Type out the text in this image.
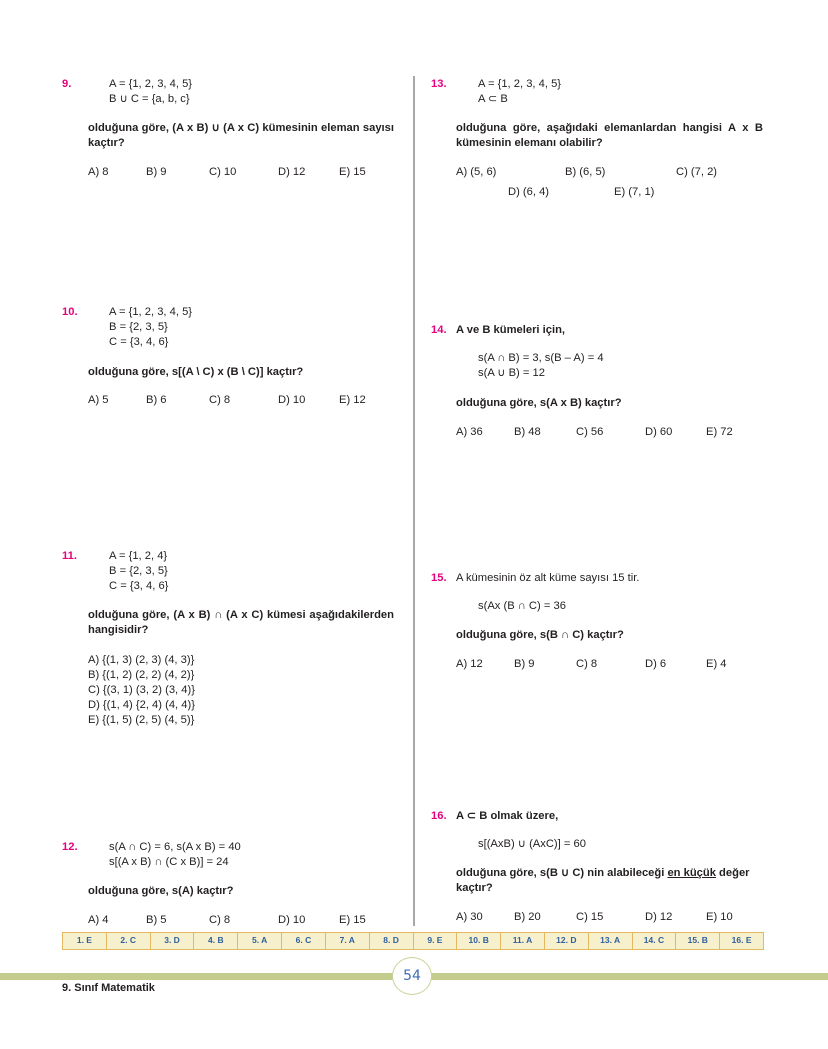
9.	A = {1, 2, 3, 4, 5}
B ∪ C = {a, b, c}
olduğuna göre, (A x B) ∪ (A x C) kümesinin eleman sayısı kaçtır?
A) 8	B) 9	C) 10	D) 12	E) 15
10.	A = {1, 2, 3, 4, 5}
B = {2, 3, 5}
C = {3, 4, 6}
olduğuna göre, s[(A \ C) x (B \ C)] kaçtır?
A) 5	B) 6	C) 8	D) 10	E) 12
11.	A = {1, 2, 4}
B = {2, 3, 5}
C = {3, 4, 6}
olduğuna göre, (A x B) ∩ (A x C) kümesi aşağıdakilerden hangisidir?
A) {(1, 3) (2, 3) (4, 3)}
B) {(1, 2) (2, 2) (4, 2)}
C) {(3, 1) (3, 2) (3, 4)}
D) {(1, 4) {2, 4) (4, 4)}
E) {(1, 5) (2, 5) (4, 5)}
12.	s(A ∩ C) = 6, s(A x B) = 40
s[(A x B) ∩ (C x B)] = 24
olduğuna göre, s(A) kaçtır?
A) 4	B) 5	C) 8	D) 10	E) 15
13.	A = {1, 2, 3, 4, 5}
A ⊂ B
olduğuna göre, aşağıdaki elemanlardan hangisi A x B kümesinin elemanı olabilir?
A) (5, 6)	B) (6, 5)	C) (7, 2)
D) (6, 4)	E) (7, 1)
14. A ve B kümeleri için,
s(A ∩ B) = 3, s(B – A) = 4
s(A ∪ B) = 12
olduğuna göre, s(A x B) kaçtır?
A) 36	B) 48	C) 56	D) 60	E) 72
15. A kümesinin öz alt küme sayısı 15 tir.
s(Ax (B ∩ C) = 36
olduğuna göre, s(B ∩ C) kaçtır?
A) 12	B) 9	C) 8	D) 6	E) 4
16. A ⊂ B olmak üzere,
s[(AxB) ∪ (AxC)] = 60
olduğuna göre, s(B ∪ C) nin alabileceği en küçük değer kaçtır?
A) 30	B) 20	C) 15	D) 12	E) 10
1. E	2. C	3. D	4. B	5. A	6. C	7. A	8. D	9. E	10. B	11. A	12. D	13. A	14. C	15. B	16. E
54
9. Sınıf Matematik
